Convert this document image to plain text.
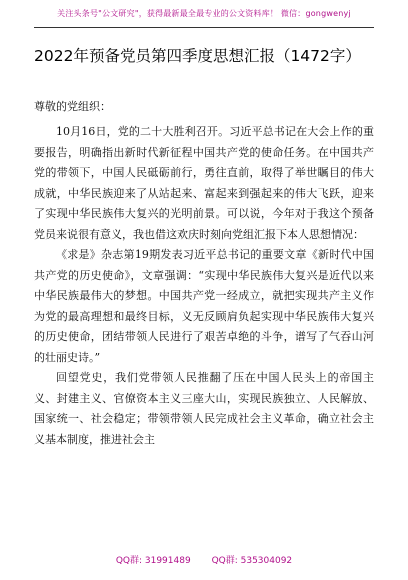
关注头条号"公文研究"，获得最新最全最专业的公文资料库！ 微信：gongwenyj
2022年预备党员第四季度思想汇报（1472字）
尊敬的党组织：

10月16日，党的二十大胜利召开。习近平总书记在大会上作的重要报告，明确指出新时代新征程中国共产党的使命任务。在中国共产党的带领下，中国人民砥砺前行，勇往直前，取得了举世瞩目的伟大成就，中华民族迎来了从站起来、富起来到强起来的伟大飞跃，迎来了实现中华民族伟大复兴的光明前景。可以说，今年对于我这个预备党员来说很有意义，我也借这欢庆时刻向党组汇报下本人思想情况：

《求是》杂志第19期发表习近平总书记的重要文章《新时代中国共产党的历史使命》，文章强调：“实现中华民族伟大复兴是近代以来中华民族最伟大的梦想。中国共产党一经成立，就把实现共产主义作为党的最高理想和最终目标，义无反顾肩负起实现中华民族伟大复兴的历史使命，团结带领人民进行了艰苦卓绝的斗争，谱写了气吞山河的壮丽史诗。”

回望党史，我们党带领人民推翻了压在中国人民头上的帝国主义、封建主义、官僚资本主义三座大山，实现民族独立、人民解放、国家统一、社会稳定；带领带领人民完成社会主义革命，确立社会主义基本制度，推进社会主

QQ群: 31991489 QQ群: 535304092
